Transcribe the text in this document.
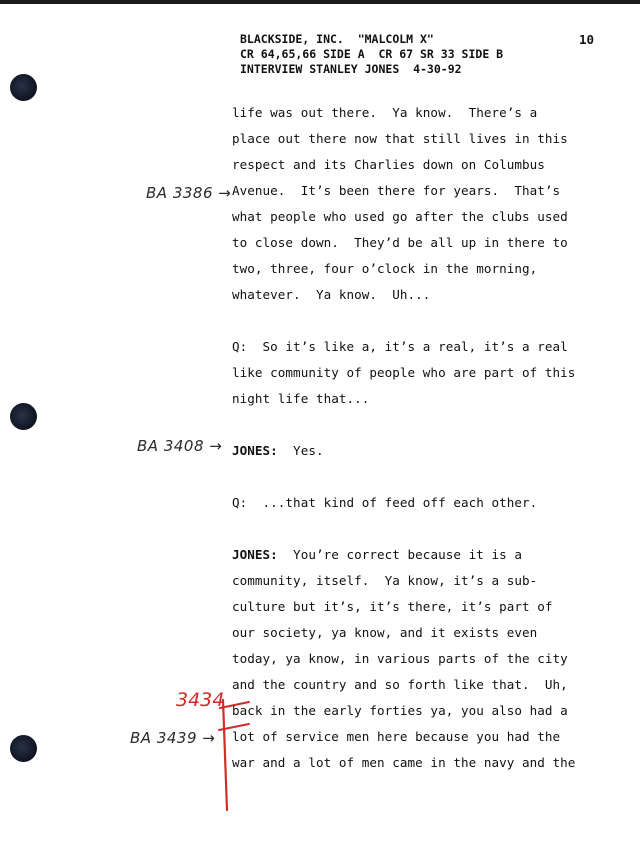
BLACKSIDE, INC.  "MALCOLM X"
CR 64,65,66 SIDE A  CR 67 SR 33 SIDE B
INTERVIEW STANLEY JONES  4-30-92
10
BA 3386 →
BA 3408 →
BA 3439 →
3434
life was out there.  Ya know.  There’s a
place out there now that still lives in this
respect and its Charlies down on Columbus
Avenue.  It’s been there for years.  That’s
what people who used go after the clubs used
to close down.  They’d be all up in there to
two, three, four o’clock in the morning,
whatever.  Ya know.  Uh...
Q:  So it’s like a, it’s a real, it’s a real
like community of people who are part of this
night life that...
JONES:  Yes.
Q:  ...that kind of feed off each other.
JONES:  You’re correct because it is a
community, itself.  Ya know, it’s a sub-
culture but it’s, it’s there, it’s part of
our society, ya know, and it exists even
today, ya know, in various parts of the city
and the country and so forth like that.  Uh,
back in the early forties ya, you also had a
lot of service men here because you had the
war and a lot of men came in the navy and the
